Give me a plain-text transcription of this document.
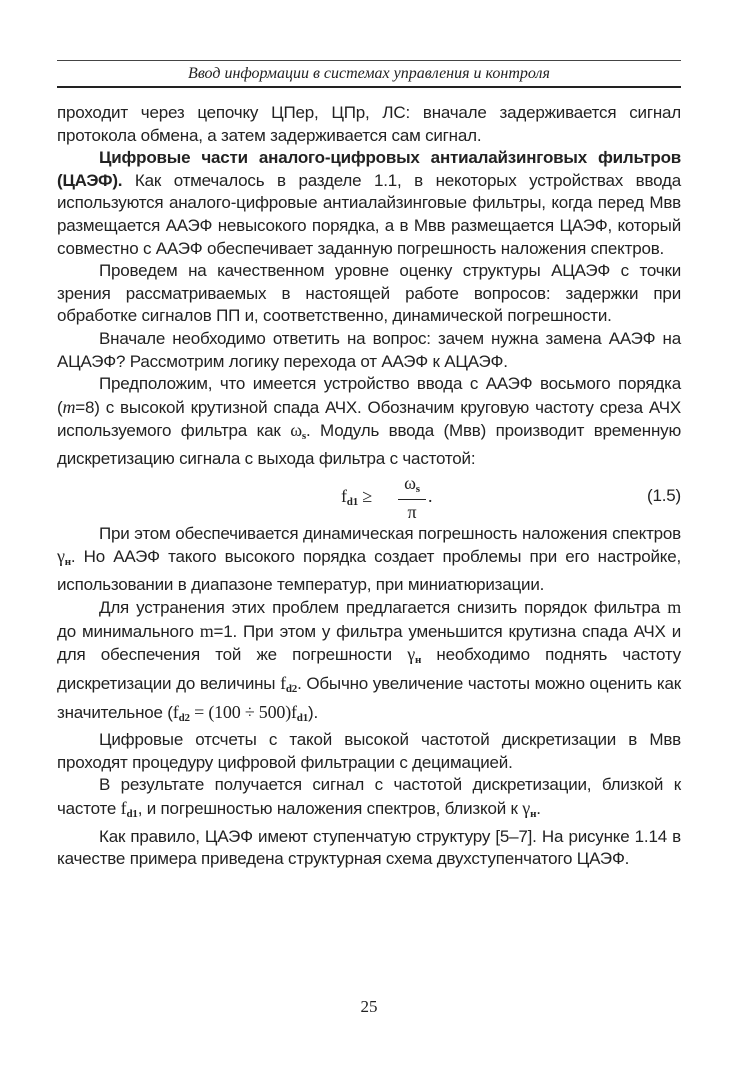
Ввод информации в системах управления и контроля

проходит через цепочку ЦПер, ЦПр, ЛС: вначале задерживается сигнал протокола обмена, а затем задерживается сам сигнал.

Цифровые части аналого-цифровых антиалайзинговых фильтров (ЦАЭФ). Как отмечалось в разделе 1.1, в некоторых устройствах ввода используются аналого-цифровые антиалайзинговые фильтры, когда перед Мвв размещается ААЭФ невысокого порядка, а в Мвв размещается ЦАЭФ, который совместно с ААЭФ обеспечивает заданную погрешность наложения спектров.

Проведем на качественном уровне оценку структуры АЦАЭФ с точки зрения рассматриваемых в настоящей работе вопросов: задержки при обработке сигналов ПП и, соответственно, динамической погрешности.

Вначале необходимо ответить на вопрос: зачем нужна замена ААЭФ на АЦАЭФ? Рассмотрим логику перехода от ААЭФ к АЦАЭФ.

Предположим, что имеется устройство ввода с ААЭФ восьмого порядка (m=8) с высокой крутизной спада АЧХ. Обозначим круговую частоту среза АЧХ используемого фильтра как $\omega_s$. Модуль ввода (Мвв) производит временную дискретизацию сигнала с выхода фильтра с частотой:

$f_{d1} \ge \frac{\omega_s}{\pi}$ .	(1.5)

При этом обеспечивается динамическая погрешность наложения спектров $\gamma_н$. Но ААЭФ такого высокого порядка создает проблемы при его настройке, использовании в диапазоне температур, при миниатюризации.

Для устранения этих проблем предлагается снизить порядок фильтра m до минимального m=1. При этом у фильтра уменьшится крутизна спада АЧХ и для обеспечения той же погрешности $\gamma_н$ необходимо поднять частоту дискретизации до величины $f_{d2}$. Обычно увеличение частоты можно оценить как значительное $(f_{d2} = (100 \div 500)f_{d1})$.

Цифровые отсчеты с такой высокой частотой дискретизации в Мвв проходят процедуру цифровой фильтрации с децимацией.

В результате получается сигнал с частотой дискретизации, близкой к частоте $f_{d1}$, и погрешностью наложения спектров, близкой к $\gamma_н$.

Как правило, ЦАЭФ имеют ступенчатую структуру [5–7]. На рисунке 1.14 в качестве примера приведена структурная схема двухступенчатого ЦАЭФ.

25
